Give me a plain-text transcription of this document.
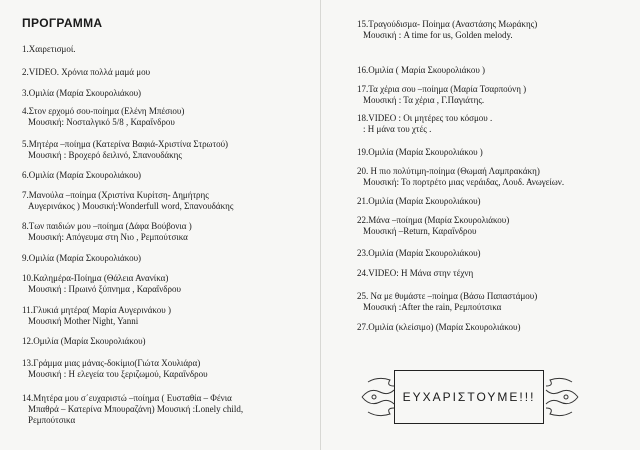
ΠΡΟΓΡΑΜΜΑ
1.Χαιρετισμοί.
2.VIDEO. Χρόνια πολλά μαμά μου
3.Ομιλία (Μαρία Σκουρολιάκου)
4.Στον ερχομό σου-ποίημα (Ελένη Μπέσιου)
Μουσική: Νοσταλγικό 5/8 , Καραΐνδρου
5.Μητέρα –ποίημα (Κατερίνα Βαφιά-Χριστίνα Στρωτού)
Μουσική : Βροχερό δειλινό, Σπανουδάκης
6.Ομιλία (Μαρία Σκουρολιάκου)
7.Μανούλα –ποίημα (Χριστίνα Κυρίτση- Δημήτρης
Αυγερινάκος ) Μουσική:Wonderfull word, Σπανουδάκης
8.Των παιδιών μου –ποίημα (Δάφα Βούβονια )
Μουσική: Απόγευμα στη Νιο , Ρεμπούτσικα
9.Ομιλία (Μαρία Σκουρολιάκου)
10.Καλημέρα-Ποίημα (Θάλεια Ανανίκα)
Μουσική : Πρωινό ξύπνημα , Καραΐνδρου
11.Γλυκιά μητέρα( Μαρία Αυγερινάκου )
Μουσική Mother Night, Yanni
12.Ομιλία (Μαρία Σκουρολιάκου)
13.Γράμμα μιας μάνας-δοκίμιο(Γιώτα Χουλιάρα)
Μουσική : Η ελεγεία του ξεριζωμού, Καραΐνδρου
14.Μητέρα μου σ΄ευχαριστώ –ποίημα ( Ευσταθία – Φένια
Μπαθρά – Κατερίνα Μπουραζάνη) Μουσική :Lonely child,
Ρεμπούτσικα
15.Τραγούδισμα- Ποίημα (Αναστάσης Μωράκης)
Μουσική : A time for us, Golden melody.
16.Ομιλία ( Μαρία Σκουρολιάκου )
17.Τα χέρια σου –ποίημα (Μαρία Τσαρπούνη )
Μουσική : Τα χέρια , Γ.Παγιάτης.
18.VIDEO : Οι μητέρες του κόσμου .
: Η μάνα του χτές .
19.Ομιλία (Μαρία Σκουρολιάκου )
20. Η πιο πολύτιμη-ποίημα (Θωμαή Λαμπρακάκη)
Μουσική: Το πορτρέτο μιας νεράιδας, Λουδ. Ανωγείων.
21.Ομιλία (Μαρία Σκουρολιάκου)
22.Μάνα –ποίημα (Μαρία Σκουρολιάκου)
Μουσική –Return, Καραΐνδρου
23.Ομιλία (Μαρία Σκουρολιάκου)
24.VIDEO: Η Μάνα στην τέχνη
25. Να με θυμάστε –ποίημα (Βάσω Παπαστάμου)
Μουσική :After the rain, Ρεμπούτσικα
27.Ομιλία (κλείσιμο) (Μαρία Σκουρολιάκου)
ΕΥΧΑΡΙΣΤΟΥΜΕ!!!
